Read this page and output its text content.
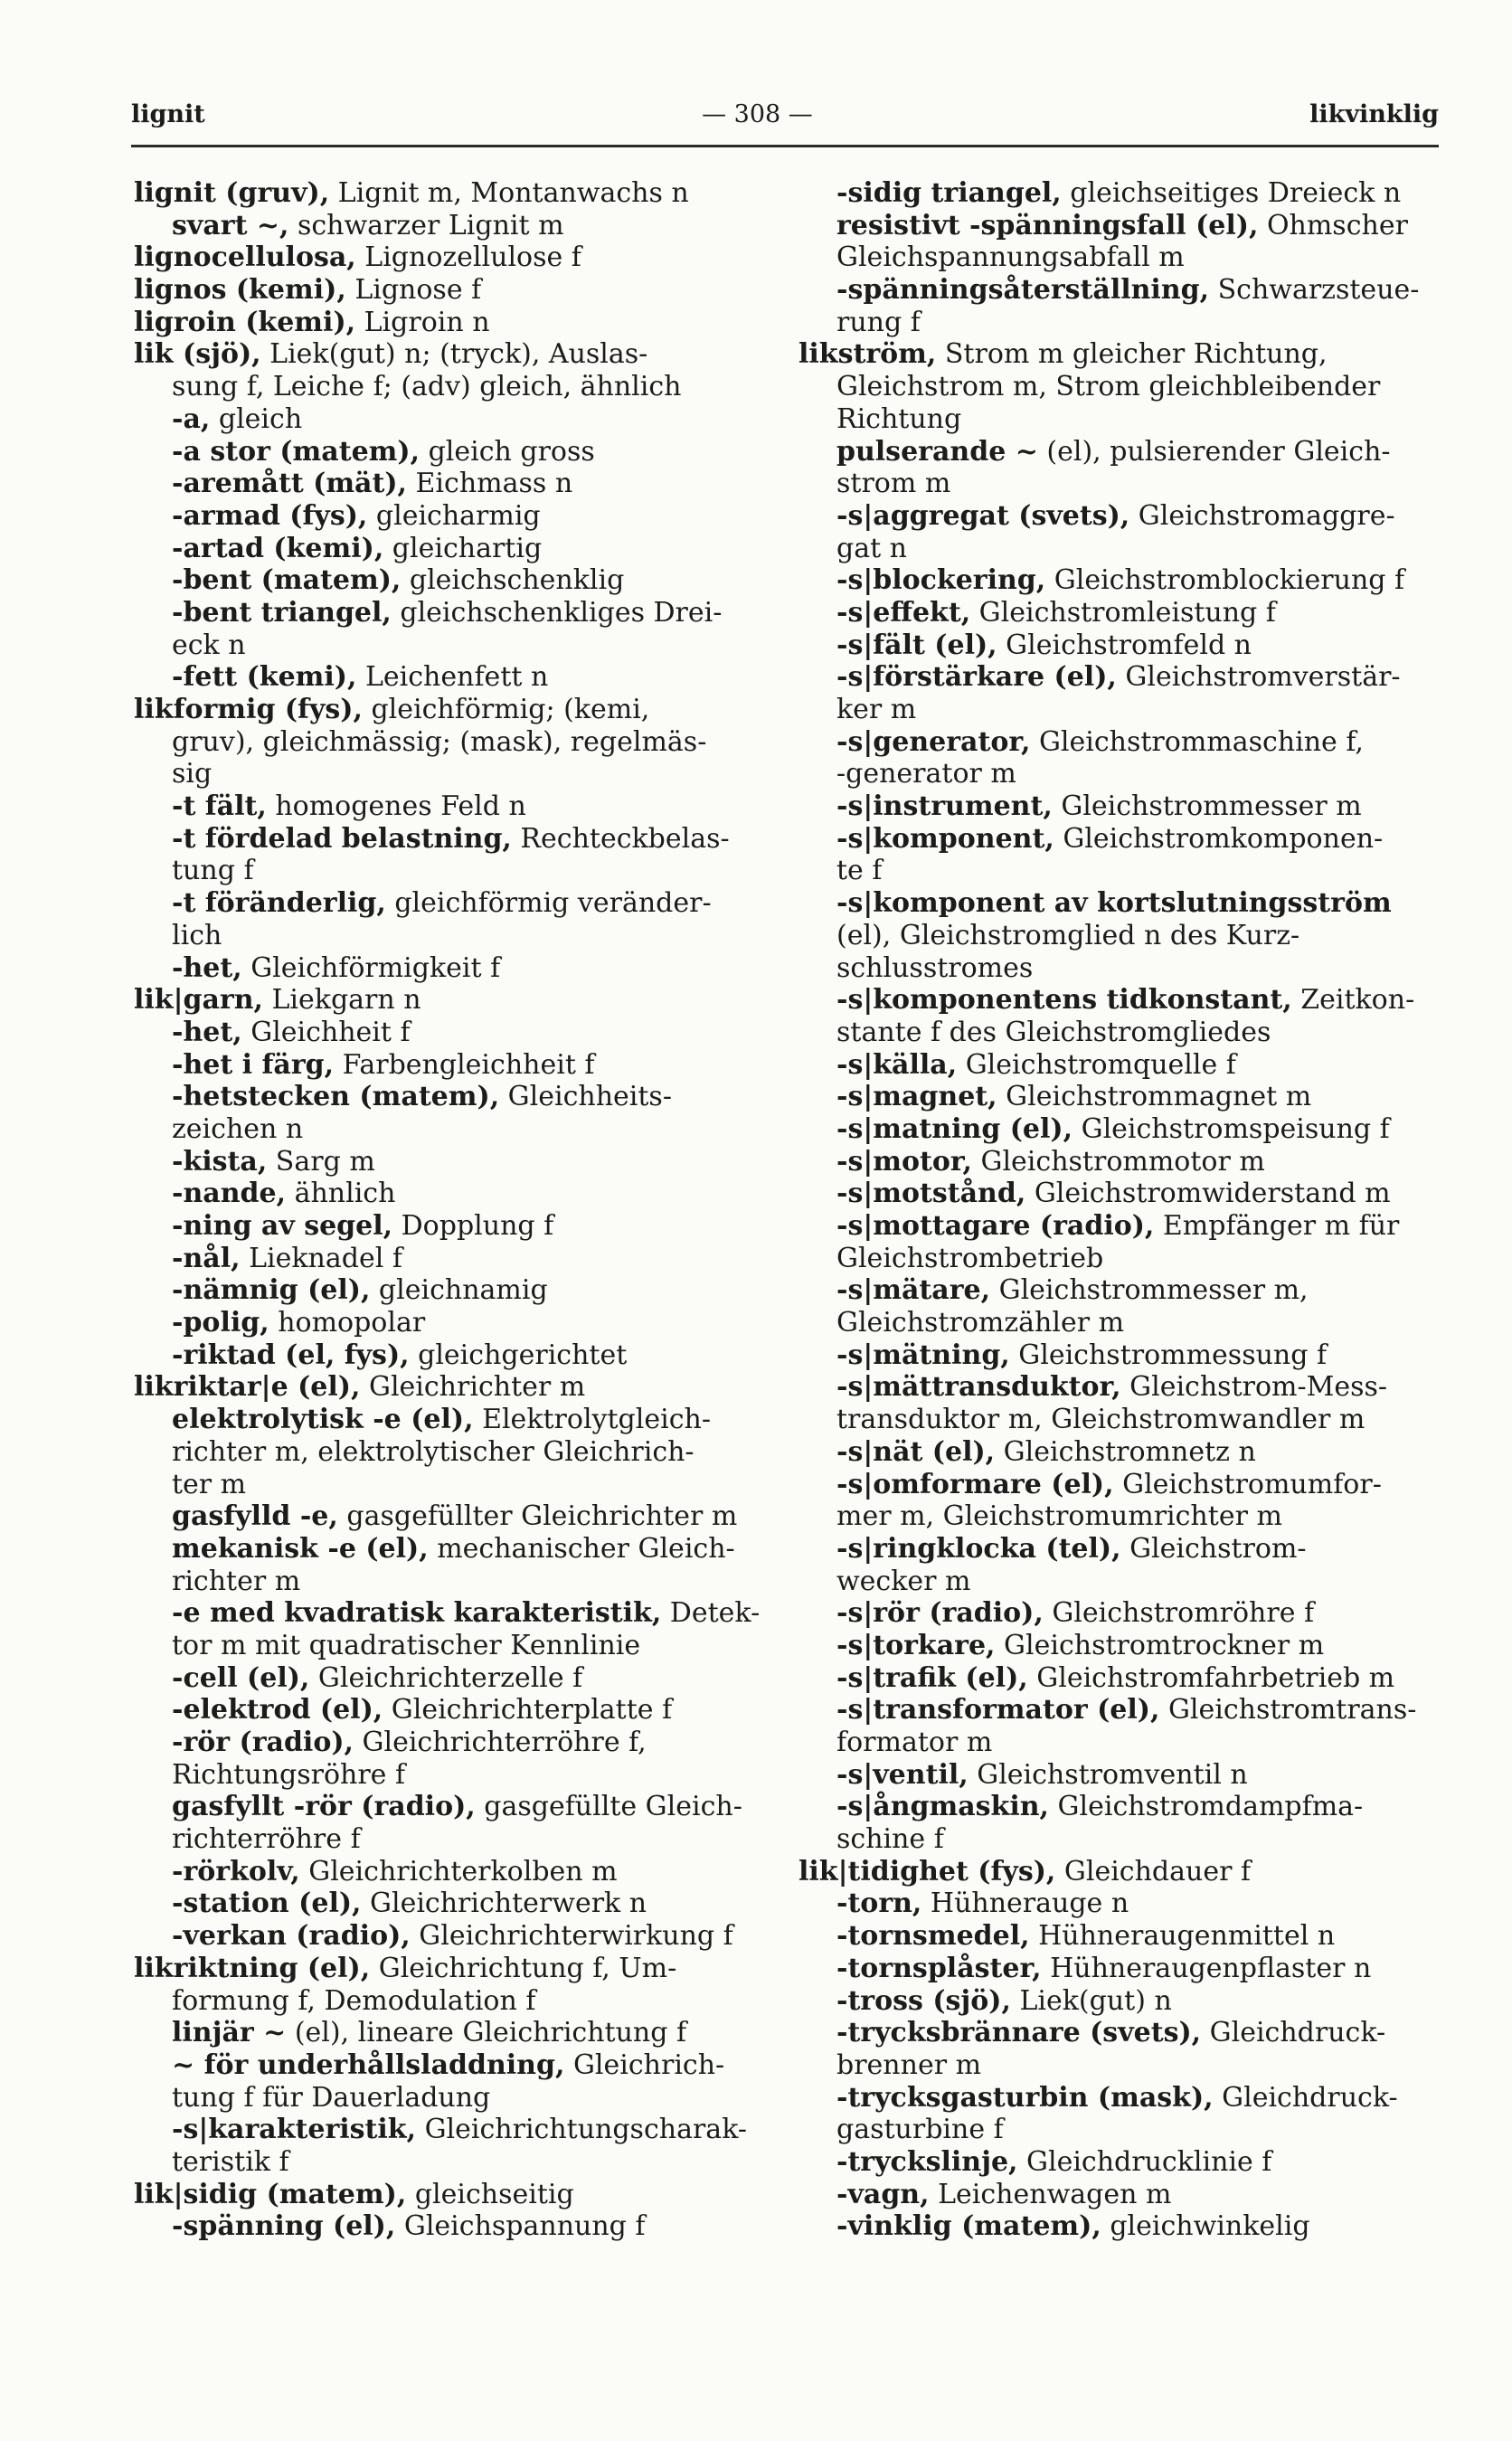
lignit	— 308 —	likvinklig
lignit (gruv), Lignit m, Montanwachs n
svart ~, schwarzer Lignit m
lignocellulosa, Lignozellulose f
lignos (kemi), Lignose f
ligroin (kemi), Ligroin n
lik (sjö), Liek(gut) n; (tryck), Auslas-
sung f, Leiche f; (adv) gleich, ähnlich
-a, gleich
-a stor (matem), gleich gross
-aremått (mät), Eichmass n
-armad (fys), gleicharmig
-artad (kemi), gleichartig
-bent (matem), gleichschenklig
-bent triangel, gleichschenkliges Drei-
eck n
-fett (kemi), Leichenfett n
likformig (fys), gleichförmig; (kemi,
gruv), gleichmässig; (mask), regelmäs-
sig
-t fält, homogenes Feld n
-t fördelad belastning, Rechteckbelas-
tung f
-t föränderlig, gleichförmig veränder-
lich
-het, Gleichförmigkeit f
lik|garn, Liekgarn n
-het, Gleichheit f
-het i färg, Farbengleichheit f
-hetstecken (matem), Gleichheits-
zeichen n
-kista, Sarg m
-nande, ähnlich
-ning av segel, Dopplung f
-nål, Lieknadel f
-nämnig (el), gleichnamig
-polig, homopolar
-riktad (el, fys), gleichgerichtet
likriktar|e (el), Gleichrichter m
elektrolytisk -e (el), Elektrolytgleich-
richter m, elektrolytischer Gleichrich-
ter m
gasfylld -e, gasgefüllter Gleichrichter m
mekanisk -e (el), mechanischer Gleich-
richter m
-e med kvadratisk karakteristik, Detek-
tor m mit quadratischer Kennlinie
-cell (el), Gleichrichterzelle f
-elektrod (el), Gleichrichterplatte f
-rör (radio), Gleichrichterröhre f,
Richtungsröhre f
gasfyllt -rör (radio), gasgefüllte Gleich-
richterröhre f
-rörkolv, Gleichrichterkolben m
-station (el), Gleichrichterwerk n
-verkan (radio), Gleichrichterwirkung f
likriktning (el), Gleichrichtung f, Um-
formung f, Demodulation f
linjär ~ (el), lineare Gleichrichtung f
~ för underhållsladdning, Gleichrich-
tung f für Dauerladung
-s|karakteristik, Gleichrichtungscharak-
teristik f
lik|sidig (matem), gleichseitig
-spänning (el), Gleichspannung f
-sidig triangel, gleichseitiges Dreieck n
resistivt -spänningsfall (el), Ohmscher
Gleichspannungsabfall m
-spänningsåterställning, Schwarzsteue-
rung f
likström, Strom m gleicher Richtung,
Gleichstrom m, Strom gleichbleibender
Richtung
pulserande ~ (el), pulsierender Gleich-
strom m
-s|aggregat (svets), Gleichstromaggre-
gat n
-s|blockering, Gleichstromblockierung f
-s|effekt, Gleichstromleistung f
-s|fält (el), Gleichstromfeld n
-s|förstärkare (el), Gleichstromverstär-
ker m
-s|generator, Gleichstrommaschine f,
-generator m
-s|instrument, Gleichstrommesser m
-s|komponent, Gleichstromkomponen-
te f
-s|komponent av kortslutningsström
(el), Gleichstromglied n des Kurz-
schlusstromes
-s|komponentens tidkonstant, Zeitkon-
stante f des Gleichstromgliedes
-s|källa, Gleichstromquelle f
-s|magnet, Gleichstrommagnet m
-s|matning (el), Gleichstromspeisung f
-s|motor, Gleichstrommotor m
-s|motstånd, Gleichstromwiderstand m
-s|mottagare (radio), Empfänger m für
Gleichstrombetrieb
-s|mätare, Gleichstrommesser m,
Gleichstromzähler m
-s|mätning, Gleichstrommessung f
-s|mättransduktor, Gleichstrom-Mess-
transduktor m, Gleichstromwandler m
-s|nät (el), Gleichstromnetz n
-s|omformare (el), Gleichstromumfor-
mer m, Gleichstromumrichter m
-s|ringklocka (tel), Gleichstrom-
wecker m
-s|rör (radio), Gleichstromröhre f
-s|torkare, Gleichstromtrockner m
-s|trafik (el), Gleichstromfahrbetrieb m
-s|transformator (el), Gleichstromtrans-
formator m
-s|ventil, Gleichstromventil n
-s|ångmaskin, Gleichstromdampfma-
schine f
lik|tidighet (fys), Gleichdauer f
-torn, Hühnerauge n
-tornsmedel, Hühneraugenmittel n
-tornsplåster, Hühneraugenpflaster n
-tross (sjö), Liek(gut) n
-trycksbrännare (svets), Gleichdruck-
brenner m
-trycksgasturbin (mask), Gleichdruck-
gasturbine f
-tryckslinje, Gleichdrucklinie f
-vagn, Leichenwagen m
-vinklig (matem), gleichwinkelig
